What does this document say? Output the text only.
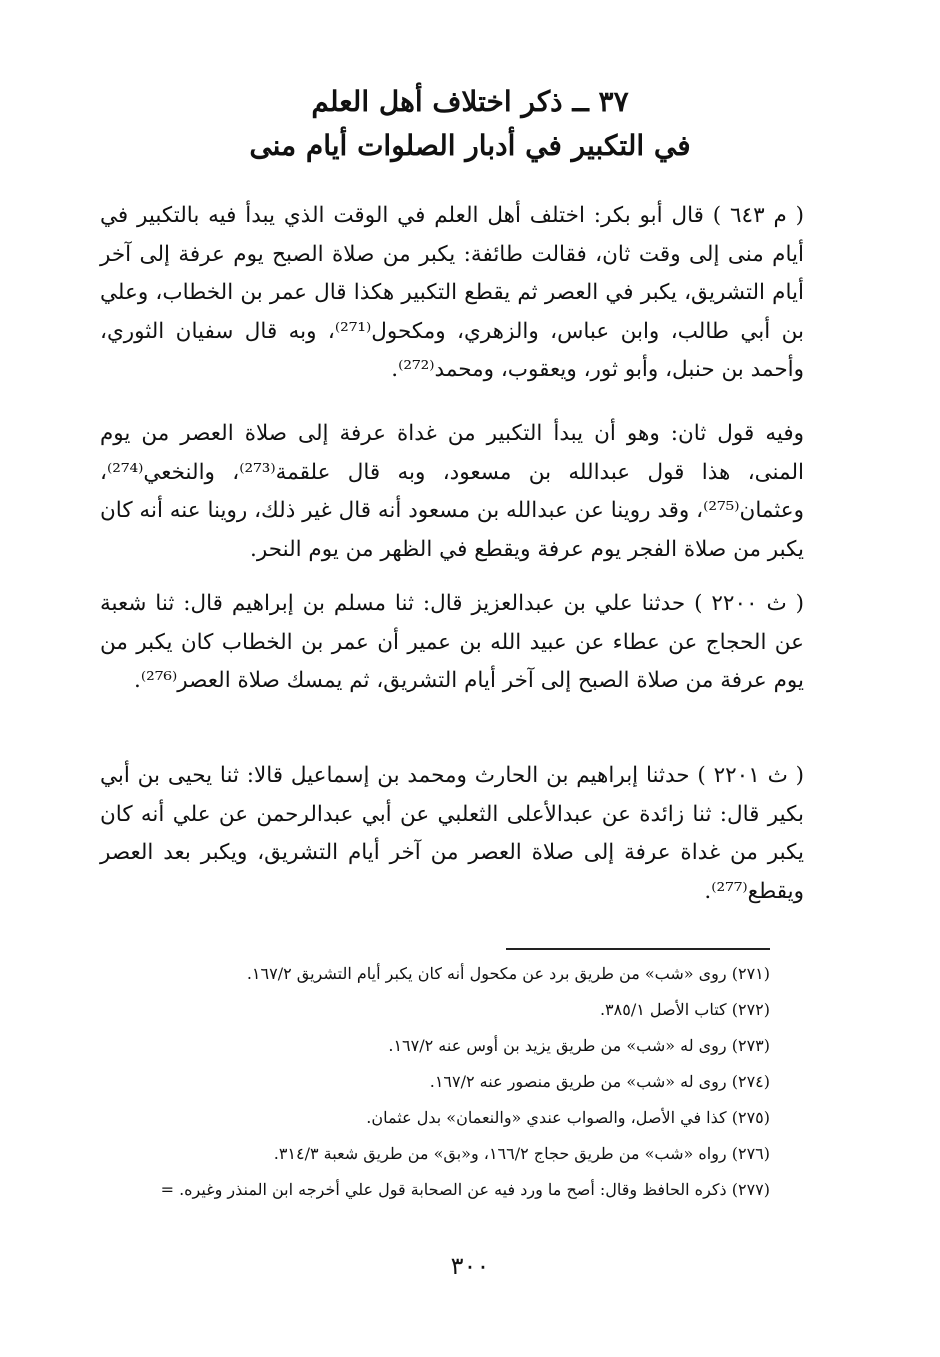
٣٧ ــ ذكر اختلاف أهل العلم
في التكبير في أدبار الصلوات أيام منى

( م ٦٤٣ ) قال أبو بكر: اختلف أهل العلم في الوقت الذي يبدأ فيه بالتكبير في أيام منى إلى وقت ثان، فقالت طائفة: يكبر من صلاة الصبح يوم عرفة إلى آخر أيام التشريق، يكبر في العصر ثم يقطع التكبير هكذا قال عمر بن الخطاب، وعلي بن أبي طالب، وابن عباس، والزهري، ومكحول⁽²⁷¹⁾، وبه قال سفيان الثوري، وأحمد بن حنبل، وأبو ثور، ويعقوب، ومحمد⁽²⁷²⁾.

وفيه قول ثان: وهو أن يبدأ التكبير من غداة عرفة إلى صلاة العصر من يوم المنى، هذا قول عبدالله بن مسعود، وبه قال علقمة⁽²⁷³⁾، والنخعي⁽²⁷⁴⁾، وعثمان⁽²⁷⁵⁾، وقد روينا عن عبدالله بن مسعود أنه قال غير ذلك، روينا عنه أنه كان يكبر من صلاة الفجر يوم عرفة ويقطع في الظهر من يوم النحر.

( ث ٢٢٠٠ ) حدثنا علي بن عبدالعزيز قال: ثنا مسلم بن إبراهيم قال: ثنا شعبة عن الحجاج عن عطاء عن عبيد الله بن عمير أن عمر بن الخطاب كان يكبر من يوم عرفة من صلاة الصبح إلى آخر أيام التشريق، ثم يمسك صلاة العصر⁽²⁷⁶⁾.

( ث ٢٢٠١ ) حدثنا إبراهيم بن الحارث ومحمد بن إسماعيل قالا: ثنا يحيى بن أبي بكير قال: ثنا زائدة عن عبدالأعلى الثعلبي عن أبي عبدالرحمن عن علي أنه كان يكبر من غداة عرفة إلى صلاة العصر من آخر أيام التشريق، ويكبر بعد العصر ويقطع⁽²⁷⁷⁾.

(٢٧١) روى «شب» من طريق برد عن مكحول أنه كان يكبر أيام التشريق ١٦٧/٢.
(٢٧٢) كتاب الأصل ٣٨٥/١.
(٢٧٣) روى له «شب» من طريق يزيد بن أوس عنه ١٦٧/٢.
(٢٧٤) روى له «شب» من طريق منصور عنه ١٦٧/٢.
(٢٧٥) كذا في الأصل، والصواب عندي «والنعمان» بدل عثمان.
(٢٧٦) رواه «شب» من طريق حجاج ١٦٦/٢، و«بق» من طريق شعبة ٣١٤/٣.
(٢٧٧) ذكره الحافظ وقال: أصح ما ورد فيه عن الصحابة قول علي أخرجه ابن المنذر وغيره. =
٣٠٠
